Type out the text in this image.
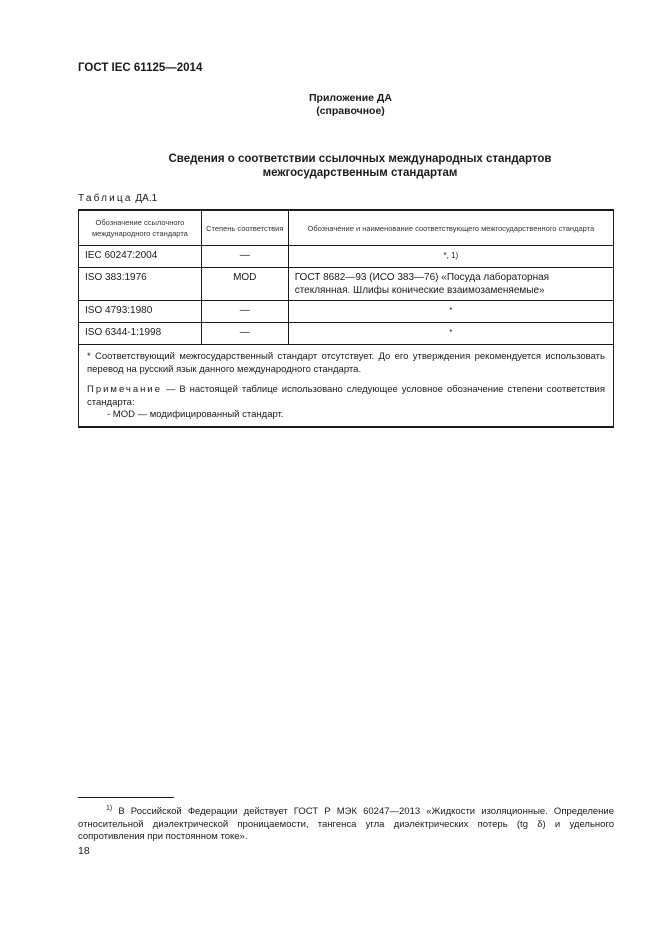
ГОСТ IEC 61125—2014
Приложение ДА
(справочное)
Сведения о соответствии ссылочных международных стандартов
межгосударственным стандартам
Таблица ДА.1
Обозначение ссылочного международного стандарта	Степень соответствия	Обозначение и наименование соответствующего межгосударственного стандарта
IEC 60247:2004	—	*, 1)
ISO 383:1976	MOD	ГОСТ 8682—93 (ИСО 383—76) «Посуда лабораторная стеклянная. Шлифы конические взаимозаменяемые»
ISO 4793:1980	—	*
ISO 6344-1:1998	—	*

* Соответствующий межгосударственный стандарт отсутствует. До его утверждения рекомендуется использовать перевод на русский язык данного международного стандарта.

Примечание — В настоящей таблице использовано следующее условное обозначение степени соответствия стандарта:

- MOD — модифицированный стандарт.		

$^{1)}$ В Российской Федерации действует ГОСТ Р МЭК 60247—2013 «Жидкости изоляционные. Определение относительной диэлектрической проницаемости, тангенса угла диэлектрических потерь (tg δ) и удельного сопротивления при постоянном токе».
18
